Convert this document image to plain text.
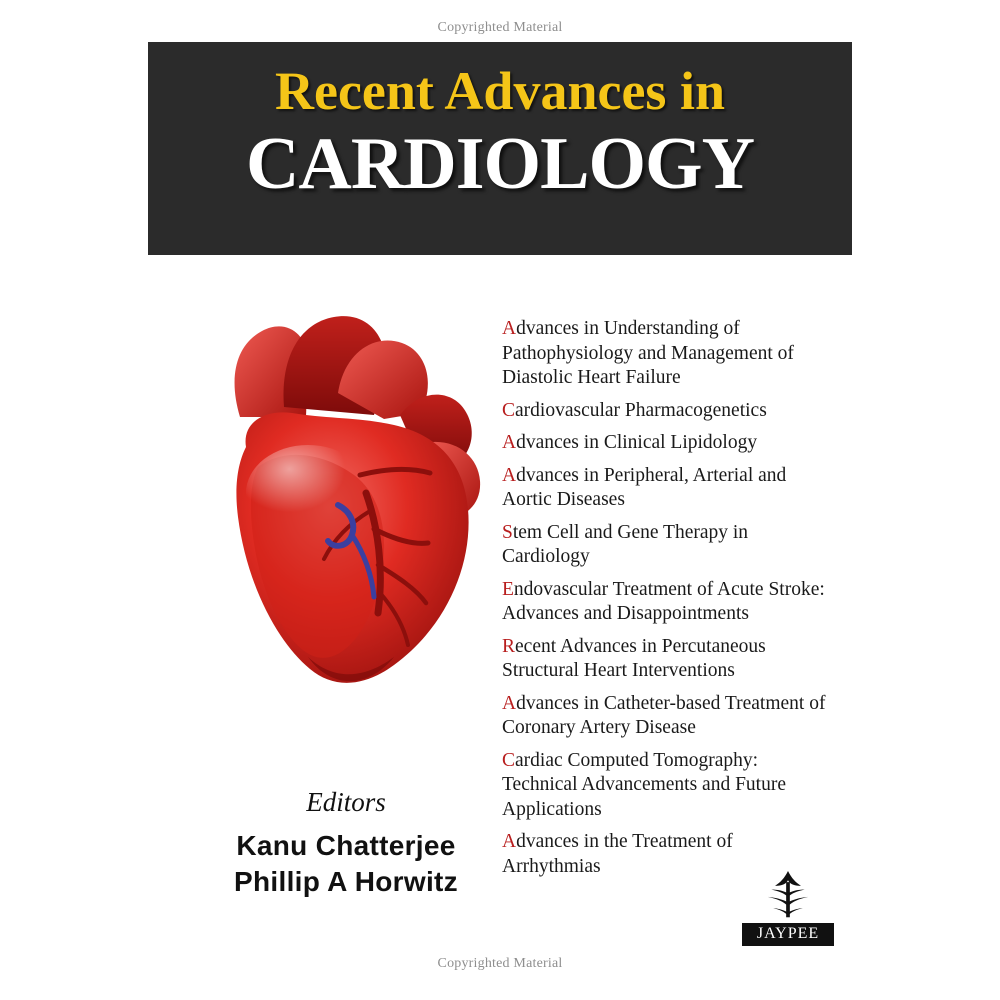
Copyrighted Material
Recent Advances in
CARDIOLOGY
Advances in Understanding of Pathophysiology and Management of Diastolic Heart Failure
Cardiovascular Pharmacogenetics
Advances in Clinical Lipidology
Advances in Peripheral, Arterial and Aortic Diseases
Stem Cell and Gene Therapy in Cardiology
Endovascular Treatment of Acute Stroke: Advances and Disappointments
Recent Advances in Percutaneous Structural Heart Interventions
Advances in Catheter-based Treatment of Coronary Artery Disease
Cardiac Computed Tomography: Technical Advancements and Future Applications
Advances in the Treatment of Arrhythmias
Editors
Kanu Chatterjee
Phillip A Horwitz
JAYPEE
Copyrighted Material
